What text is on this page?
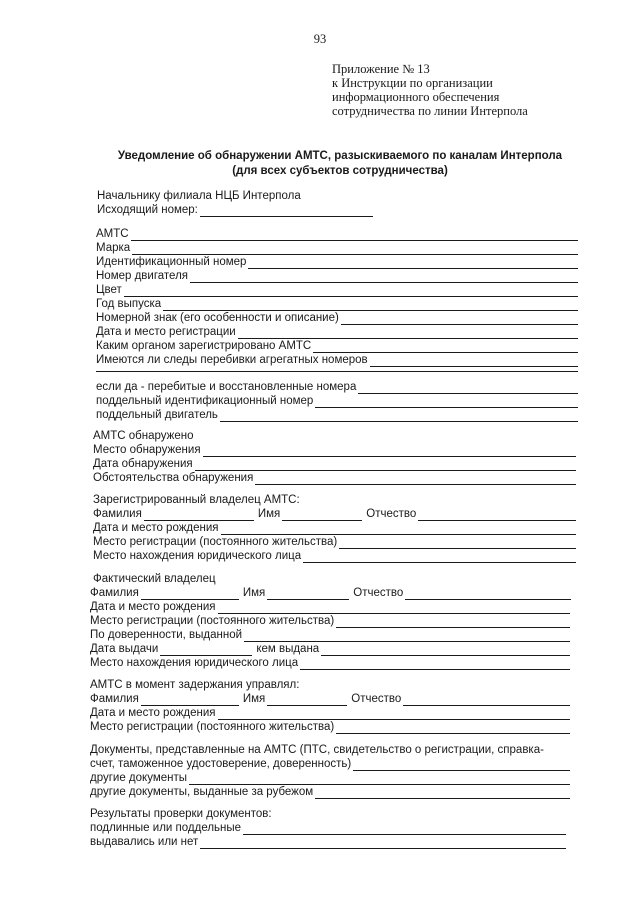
93
Приложение № 13
к Инструкции по организации
информационного обеспечения
сотрудничества по линии Интерпола
Уведомление об обнаружении АМТС, разыскиваемого по каналам Интерпола
(для всех субъектов сотрудничества)
Начальнику филиала НЦБ Интерпола
Исходящий номер:
АМТС
Марка
Идентификационный номер
Номер двигателя
Цвет
Год выпуска
Номерной знак (его особенности и описание)
Дата и место регистрации
Каким органом зарегистрировано АМТС
Имеются ли следы перебивки агрегатных номеров
если да - перебитые и восстановленные номера
поддельный идентификационный номер
поддельный двигатель
АМТС обнаружено
Место обнаружения
Дата обнаружения
Обстоятельства обнаружения
Зарегистрированный владелец АМТС:
Фамилия	Имя	Отчество
Дата и место рождения
Место регистрации (постоянного жительства)
Место нахождения юридического лица
Фактический владелец
Фамилия	Имя	Отчество
Дата и место рождения
Место регистрации (постоянного жительства)
По доверенности, выданной
Дата выдачи	кем выдана
Место нахождения юридического лица
АМТС в момент задержания управлял:
Фамилия	Имя	Отчество
Дата и место рождения
Место регистрации (постоянного жительства)
Документы, представленные на АМТС (ПТС, свидетельство о регистрации, справка-
счет, таможенное удостоверение, доверенность)
другие документы
другие документы, выданные за рубежом
Результаты проверки документов:
подлинные или поддельные
выдавались или нет
